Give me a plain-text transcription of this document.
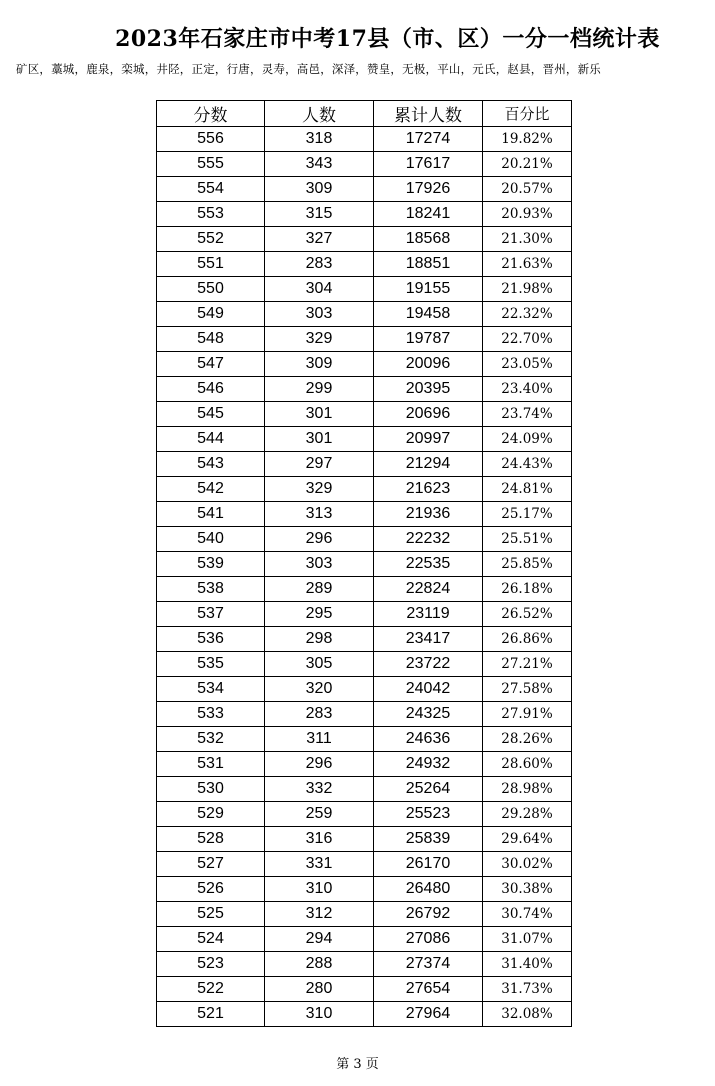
2023年石家庄市中考17县（市、区）一分一档统计表
矿区，藁城，鹿泉，栾城，井陉，正定，行唐，灵寿，高邑，深泽，赞皇，无极，平山，元氏，赵县，晋州，新乐
分数	人数	累计人数	百分比
556	318	17274	19.82%
555	343	17617	20.21%
554	309	17926	20.57%
553	315	18241	20.93%
552	327	18568	21.30%
551	283	18851	21.63%
550	304	19155	21.98%
549	303	19458	22.32%
548	329	19787	22.70%
547	309	20096	23.05%
546	299	20395	23.40%
545	301	20696	23.74%
544	301	20997	24.09%
543	297	21294	24.43%
542	329	21623	24.81%
541	313	21936	25.17%
540	296	22232	25.51%
539	303	22535	25.85%
538	289	22824	26.18%
537	295	23119	26.52%
536	298	23417	26.86%
535	305	23722	27.21%
534	320	24042	27.58%
533	283	24325	27.91%
532	311	24636	28.26%
531	296	24932	28.60%
530	332	25264	28.98%
529	259	25523	29.28%
528	316	25839	29.64%
527	331	26170	30.02%
526	310	26480	30.38%
525	312	26792	30.74%
524	294	27086	31.07%
523	288	27374	31.40%
522	280	27654	31.73%
521	310	27964	32.08%
第 3 页
